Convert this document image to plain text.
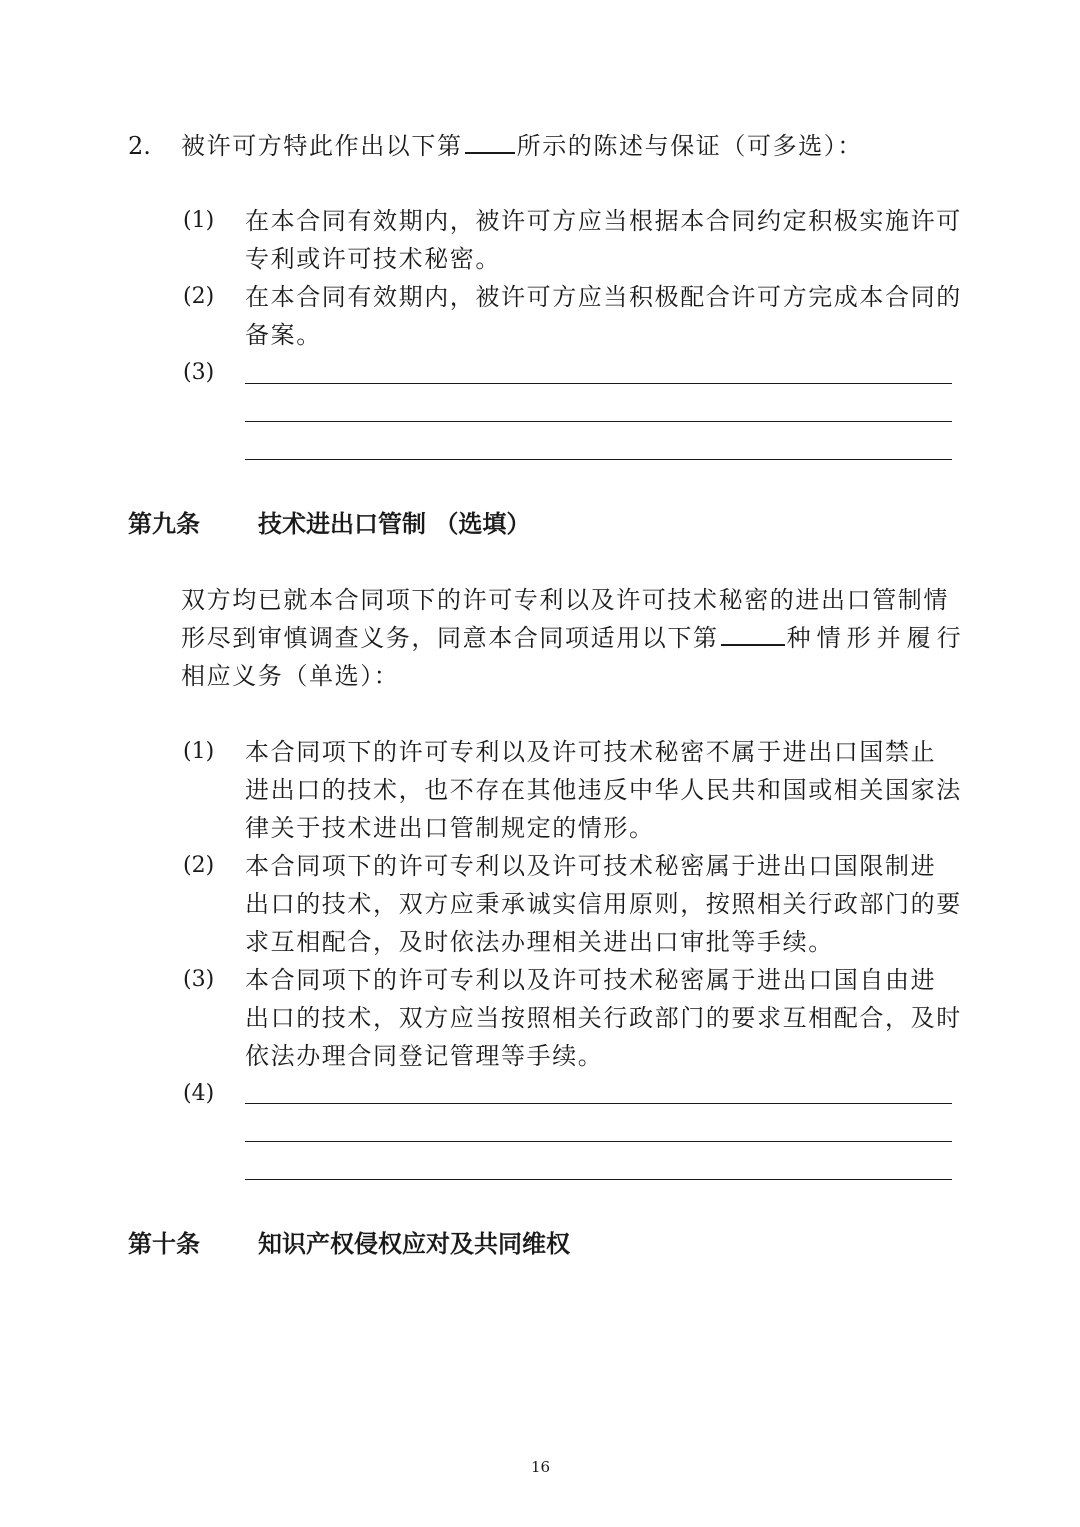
2. 被许可方特此作出以下第 所示的陈述与保证（可多选）：
(1) 在本合同有效期内，被许可方应当根据本合同约定积极实施许可
专利或许可技术秘密。
(2) 在本合同有效期内，被许可方应当积极配合许可方完成本合同的
备案。
(3)
第九条 技术进出口管制 （选填）
双方均已就本合同项下的许可专利以及许可技术秘密的进出口管制情
形尽到审慎调查义务，同意本合同项适用以下第	种情形并履行
相应义务（单选）：
(1) 本合同项下的许可专利以及许可技术秘密不属于进出口国禁止
进出口的技术，也不存在其他违反中华人民共和国或相关国家法
律关于技术进出口管制规定的情形。
(2) 本合同项下的许可专利以及许可技术秘密属于进出口国限制进
出口的技术，双方应秉承诚实信用原则，按照相关行政部门的要
求互相配合，及时依法办理相关进出口审批等手续。
(3) 本合同项下的许可专利以及许可技术秘密属于进出口国自由进
出口的技术，双方应当按照相关行政部门的要求互相配合，及时
依法办理合同登记管理等手续。
(4)
第十条 知识产权侵权应对及共同维权
16
